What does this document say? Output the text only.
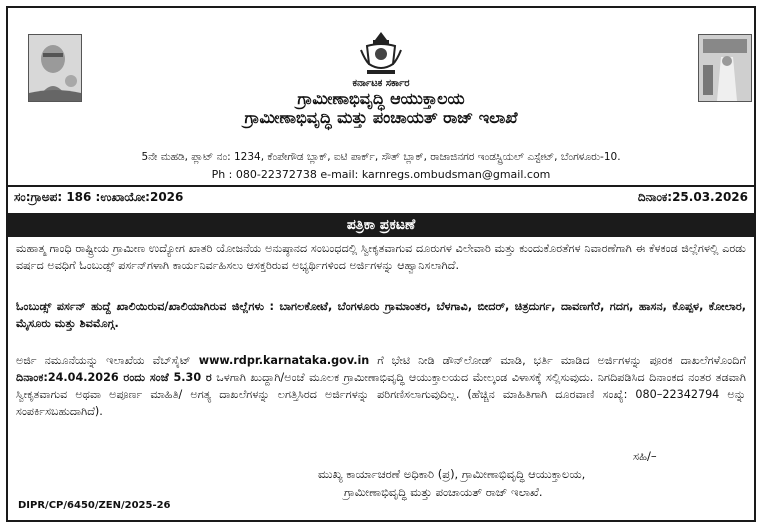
ಕರ್ನಾಟಕ ಸರ್ಕಾರ
ಗ್ರಾಮೀಣಾಭಿವೃದ್ಧಿ ಆಯುಕ್ತಾಲಯ
ಗ್ರಾಮೀಣಾಭಿವೃದ್ಧಿ ಮತ್ತು ಪಂಚಾಯತ್ ರಾಜ್ ಇಲಾಖೆ
5ನೇ ಮಹಡಿ, ಪ್ಲಾಟ್ ನಂ: 1234, ಕೆಂಪೇಗೌಡ ಬ್ಲಾಕ್, ಐಟಿ ಪಾರ್ಕ್, ಸೌತ್ ಬ್ಲಾಕ್, ರಾಜಾಜಿನಗರ ಇಂಡಸ್ಟ್ರಿಯಲ್ ಎಸ್ಟೇಟ್, ಬೆಂಗಳೂರು-10.
Ph : 080-22372738 e-mail: karnregs.ombudsman@gmail.com
ಸಂ:ಗ್ರಾಅಪ: 186 :ಉಖಾಯೋ:2026	ದಿನಾಂಕ:25.03.2026
ಪತ್ರಿಕಾ ಪ್ರಕಟಣೆ
ಮಹಾತ್ಮ ಗಾಂಧಿ ರಾಷ್ಟ್ರೀಯ ಗ್ರಾಮೀಣ ಉದ್ಯೋಗ ಖಾತರಿ ಯೋಜನೆಯ ಅನುಷ್ಠಾನದ ಸಂಬಂಧದಲ್ಲಿ ಸ್ವೀಕೃತವಾಗುವ ದೂರುಗಳ ವಿಲೇವಾರಿ ಮತ್ತು ಕುಂದುಕೊರತೆಗಳ ನಿವಾರಣೆಗಾಗಿ ಈ ಕೆಳಕಂಡ ಜಿಲ್ಲೆಗಳಲ್ಲಿ ಎರಡು ವರ್ಷದ ಅವಧಿಗೆ ಓಂಬುಡ್ಸ್ ಪರ್ಸನ್‌ಗಳಾಗಿ ಕಾರ್ಯನಿರ್ವಹಿಸಲು ಆಸಕ್ತರಿರುವ ಅಭ್ಯರ್ಥಿಗಳಿಂದ ಅರ್ಜಿಗಳನ್ನು ಆಹ್ವಾನಿಸಲಾಗಿದೆ.
ಓಂಬುಡ್ಸ್ ಪರ್ಸನ್ ಹುದ್ದೆ ಖಾಲಿಯಿರುವ/ಖಾಲಿಯಾಗಿರುವ ಜಿಲ್ಲೆಗಳು : ಬಾಗಲಕೋಟೆ, ಬೆಂಗಳೂರು ಗ್ರಾಮಾಂತರ, ಬೆಳಗಾವಿ, ಬೀದರ್, ಚಿತ್ರದುರ್ಗ, ದಾವಣಗೆರೆ, ಗದಗ, ಹಾಸನ, ಕೊಪ್ಪಳ, ಕೋಲಾರ, ಮೈಸೂರು ಮತ್ತು ಶಿವಮೊಗ್ಗ.
ಅರ್ಜಿ ನಮೂನೆಯನ್ನು ಇಲಾಖೆಯ ವೆಬ್‌ಸೈಟ್ www.rdpr.karnataka.gov.in ಗೆ ಭೇಟಿ ನೀಡಿ ಡೌನ್‌ಲೋಡ್ ಮಾಡಿ, ಭರ್ತಿ ಮಾಡಿದ ಅರ್ಜಿಗಳನ್ನು ಪೂರಕ ದಾಖಲೆಗಳೊಂದಿಗೆ ದಿನಾಂಕ:24.04.2026 ರಂದು ಸಂಜೆ 5.30 ರ ಒಳಗಾಗಿ ಖುದ್ದಾಗಿ/ಅಂಚೆ ಮೂಲಕ ಗ್ರಾಮೀಣಾಭಿವೃದ್ಧಿ ಆಯುಕ್ತಾಲಯದ ಮೇಲ್ಕಂಡ ವಿಳಾಸಕ್ಕೆ ಸಲ್ಲಿಸುವುದು. ನಿಗದಿಪಡಿಸಿದ ದಿನಾಂಕದ ನಂತರ ತಡವಾಗಿ ಸ್ವೀಕೃತವಾಗುವ ಅಥವಾ ಅಪೂರ್ಣ ಮಾಹಿತಿ/ ಅಗತ್ಯ ದಾಖಲೆಗಳನ್ನು ಲಗತ್ತಿಸಿರದ ಅರ್ಜಿಗಳನ್ನು ಪರಿಗಣಿಸಲಾಗುವುದಿಲ್ಲ. (ಹೆಚ್ಚಿನ ಮಾಹಿತಿಗಾಗಿ ದೂರವಾಣಿ ಸಂಖ್ಯೆ: 080–22342794 ಅನ್ನು ಸಂಪರ್ಕಿಸಬಹುದಾಗಿದೆ).
ಸಹಿ/–
ಮುಖ್ಯ ಕಾರ್ಯಾಚರಣೆ ಅಧಿಕಾರಿ (ಪ್ರ), ಗ್ರಾಮೀಣಾಭಿವೃದ್ಧಿ ಆಯುಕ್ತಾಲಯ,
ಗ್ರಾಮೀಣಾಭಿವೃದ್ಧಿ ಮತ್ತು ಪಂಚಾಯತ್ ರಾಜ್ ಇಲಾಖೆ.
DIPR/CP/6450/ZEN/2025-26
